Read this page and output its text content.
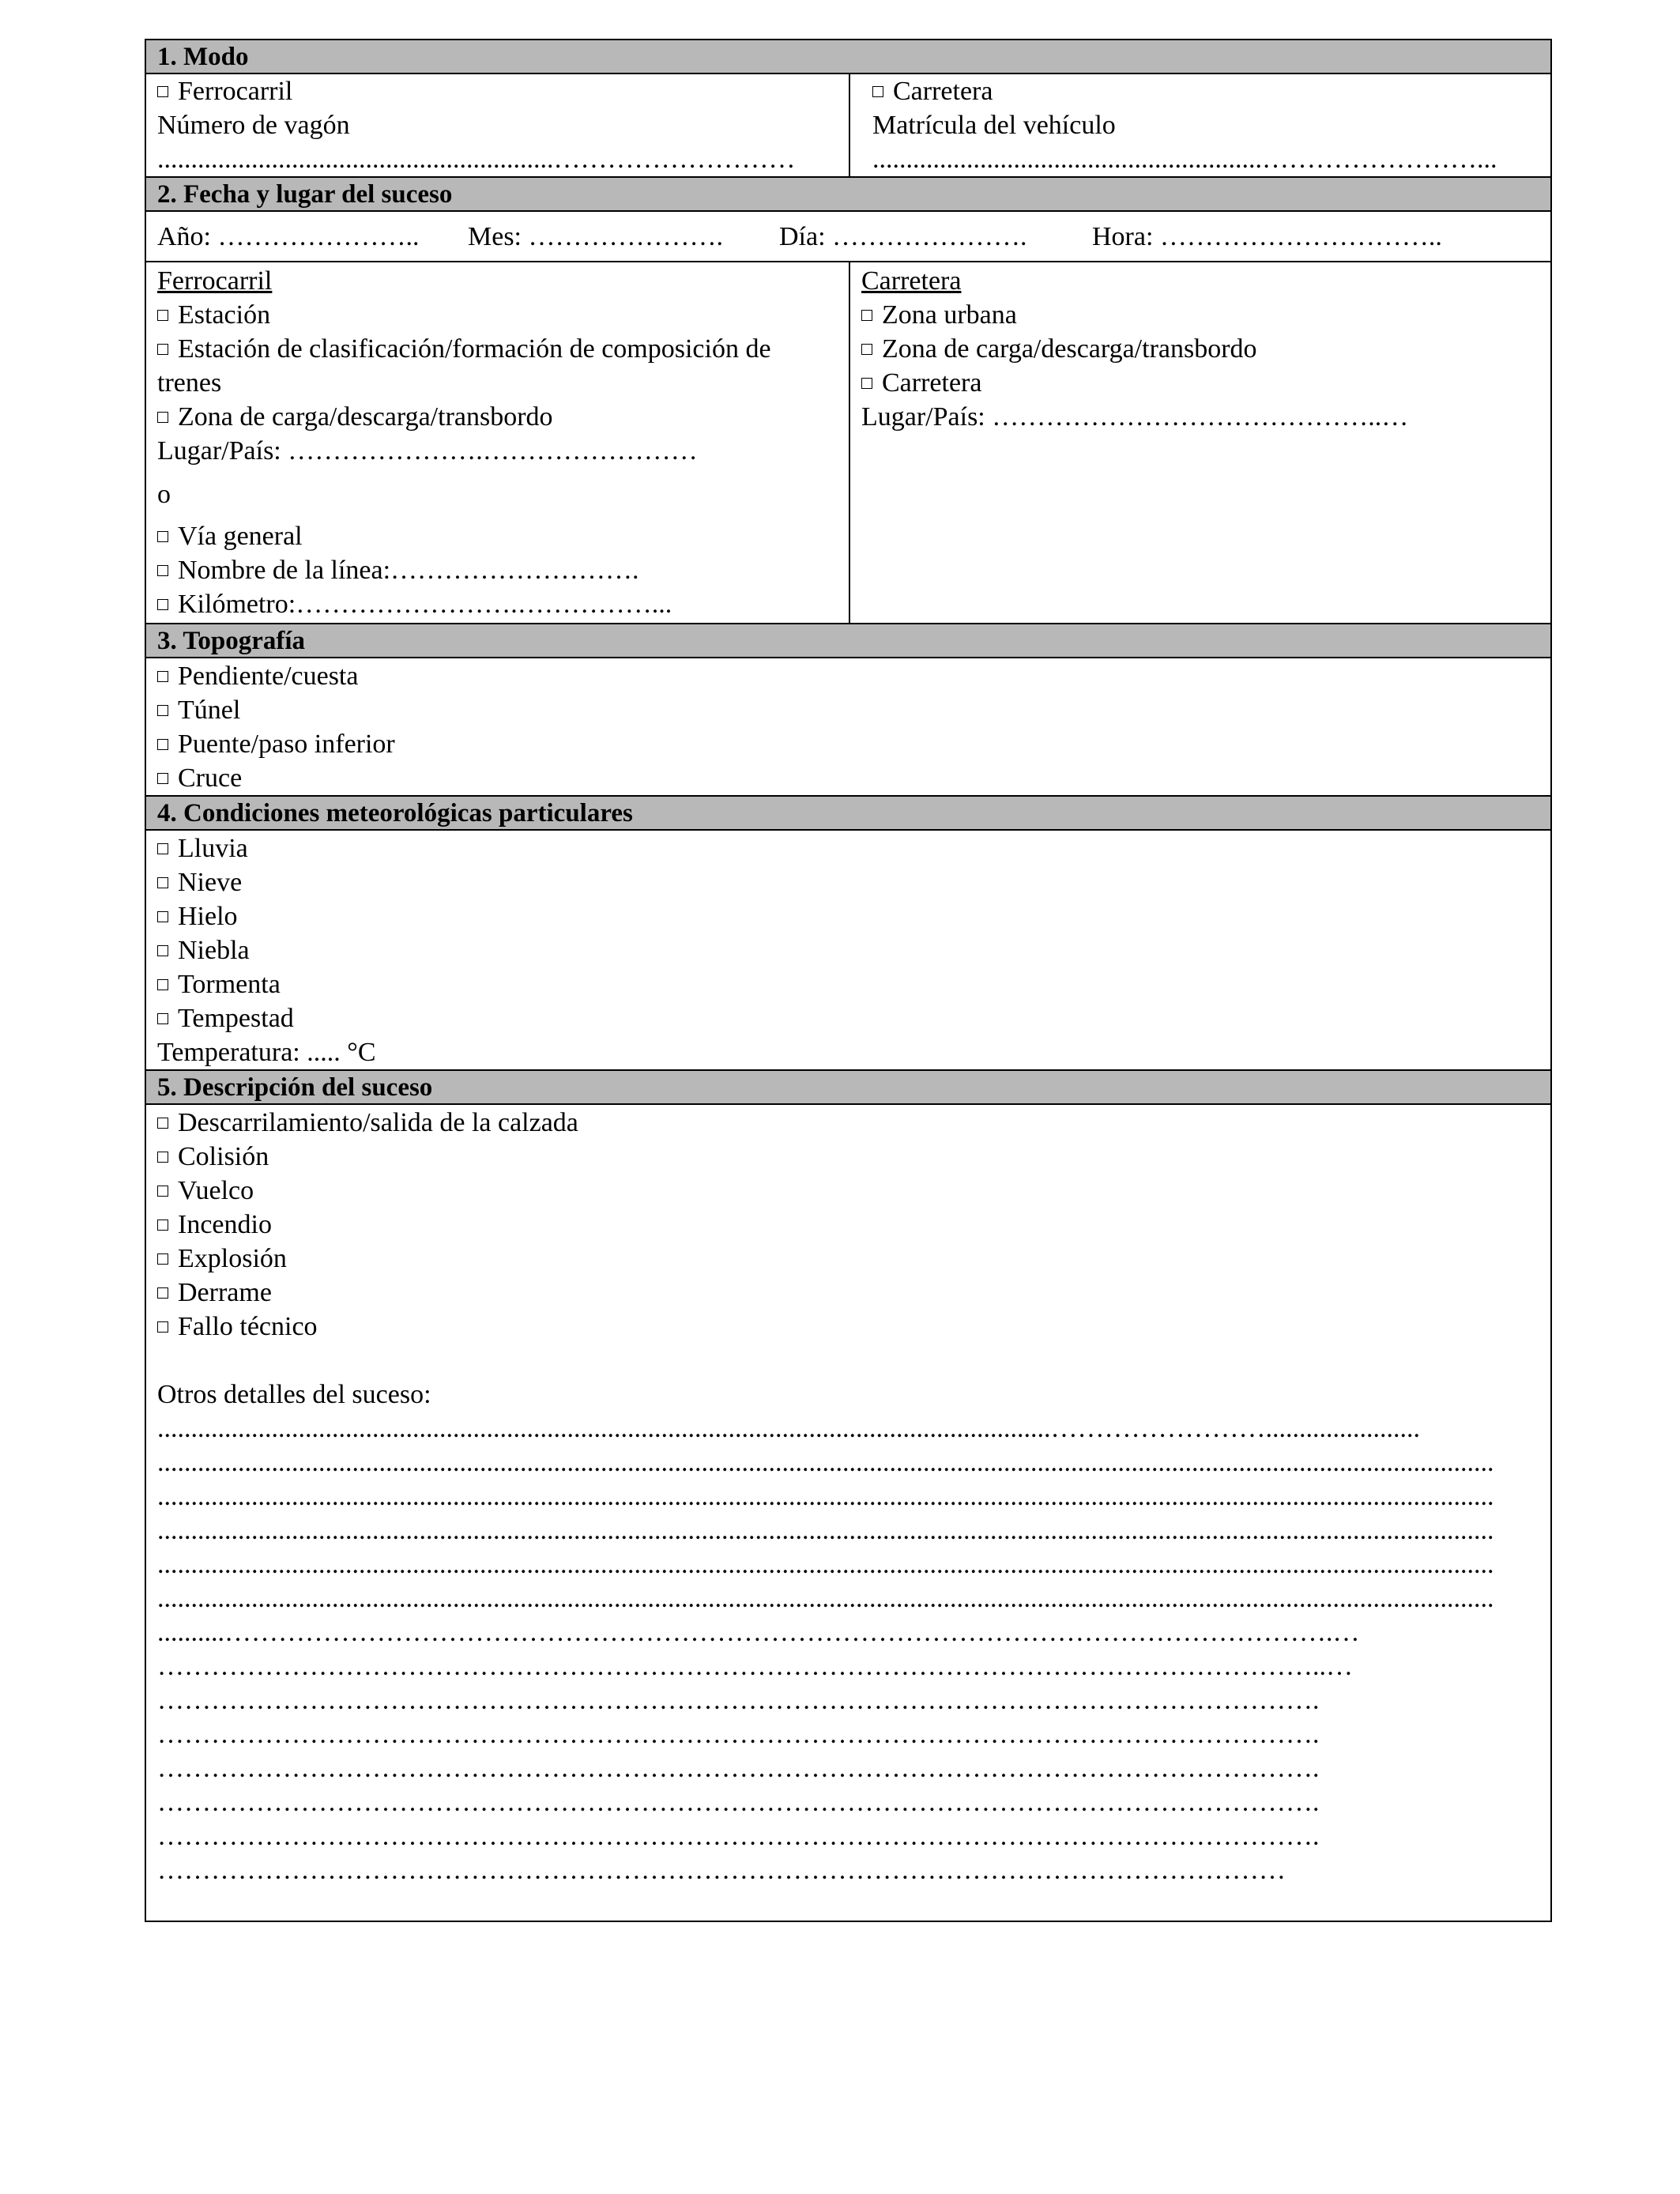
1. Modo
Ferrocarril
Número de vagón
...........................................................………………………
Carretera
Matrícula del vehículo
..........................................................……………………...
2. Fecha y lugar del suceso
Año: ………………….. Mes: …………………. Día: …………………. Hora: …………………………..
Ferrocarril
Estación
Estación de clasificación/formación de composición de
trenes
Zona de carga/descarga/transbordo
Lugar/País: ………………….……………………
o
Vía general
Nombre de la línea:……………………….
Kilómetro:…………………….……………...
Carretera
Zona urbana
Zona de carga/descarga/transbordo
Carretera
Lugar/País: ……………………………………..…
3. Topografía
Pendiente/cuesta
Túnel
Puente/paso inferior
Cruce
4. Condiciones meteorológicas particulares
Lluvia
Nieve
Hielo
Niebla
Tormenta
Tempestad
Temperatura: ..... °C
5. Descripción del suceso
Descarrilamiento/salida de la calzada
Colisión
Vuelco
Incendio
Explosión
Derrame
Fallo técnico
Otros detalles del suceso:
.....................................................................................................................................…………………….......................
.......................................................................................................................................................................................................
.......................................................................................................................................................................................................
.......................................................................................................................................................................................................
.......................................................................................................................................................................................................
.......................................................................................................................................................................................................
..........…………………………………………………………………………………………………………….…
…………………………………………………………………………………………………………………..…
………………………………………………………………………………………………………………….
………………………………………………………………………………………………………………….
………………………………………………………………………………………………………………….
………………………………………………………………………………………………………………….
………………………………………………………………………………………………………………….
………………………………………………………………………………………………………………
